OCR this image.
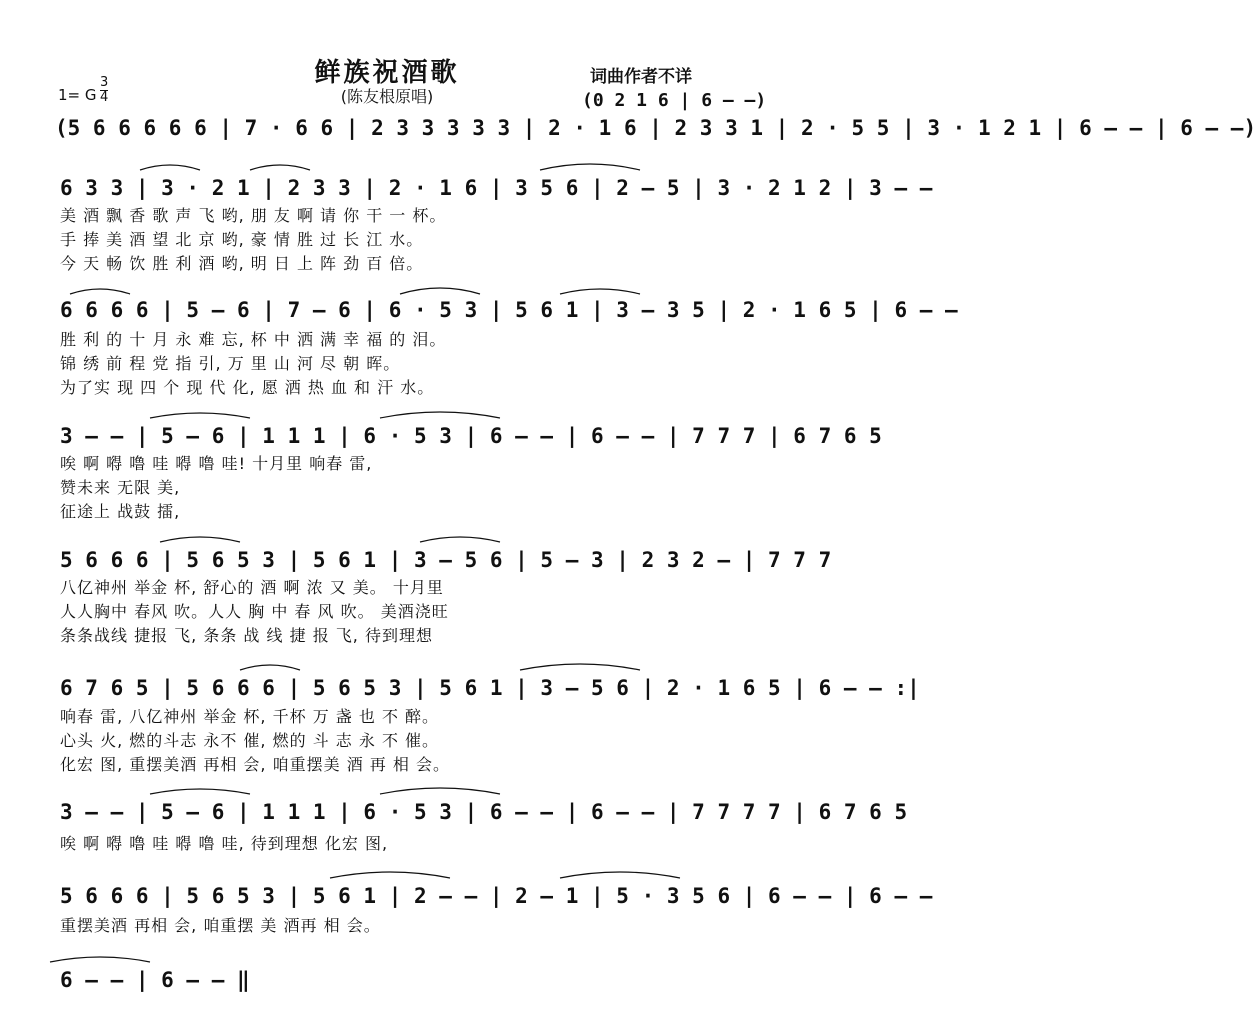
鲜族祝酒歌
(陈友根原唱)
词曲作者不详
1= G
3
4	(0 2 1 6 | 6 — —)
(5 6 6 6 6 6 | 7 · 6 6 | 2 3 3 3 3 3 | 2 · 1 6 | 2 3 3 1 | 2 · 5 5 | 3 · 1 2 1 | 6 — — | 6 — —)
6 3 3 | 3 · 2 1 | 2 3 3 | 2 · 1 6 | 3 5 6 | 2 — 5 | 3 · 2 1 2 | 3 — —
美 酒 飘 香 歌 声 飞 哟, 朋 友 啊 请 你 干 一 杯。
手 捧 美 酒 望 北 京 哟, 豪 情 胜 过 长 江 水。
今 天 畅 饮 胜 利 酒 哟, 明 日 上 阵 劲 百 倍。
6 6 6 6 | 5 — 6 | 7 — 6 | 6 · 5 3 | 5 6 1 | 3 — 3 5 | 2 · 1 6 5 | 6 — —
胜 利 的 十 月 永 难 忘, 杯 中 洒 满 幸 福 的 泪。
锦 绣 前 程 党 指 引, 万 里 山 河 尽 朝 晖。
为了实 现 四 个 现 代 化, 愿 洒 热 血 和 汗 水。
3 — — | 5 — 6 | 1 1 1 | 6 · 5 3 | 6 — — | 6 — — | 7 7 7 | 6 7 6 5
唉 啊 嘚 噜 哇 嘚 噜 哇! 十月里 响春 雷,
赞未来 无限 美,
征途上 战鼓 擂,
5 6 6 6 | 5 6 5 3 | 5 6 1 | 3 — 5 6 | 5 — 3 | 2 3 2 — | 7 7 7
八亿神州 举金 杯, 舒心的 酒 啊 浓 又 美。 十月里
人人胸中 春风 吹。人人 胸 中 春 风 吹。 美酒浇旺
条条战线 捷报 飞, 条条 战 线 捷 报 飞, 待到理想
6 7 6 5 | 5 6 6 6 | 5 6 5 3 | 5 6 1 | 3 — 5 6 | 2 · 1 6 5 | 6 — — :|
响春 雷, 八亿神州 举金 杯, 千杯 万 盏 也 不 醉。
心头 火, 燃的斗志 永不 催, 燃的 斗 志 永 不 催。
化宏 图, 重摆美酒 再相 会, 咱重摆美 酒 再 相 会。
3 — — | 5 — 6 | 1 1 1 | 6 · 5 3 | 6 — — | 6 — — | 7 7 7 7 | 6 7 6 5
唉 啊 嘚 噜 哇 嘚 噜 哇, 待到理想 化宏 图,
5 6 6 6 | 5 6 5 3 | 5 6 1 | 2 — — | 2 — 1 | 5 · 3 5 6 | 6 — — | 6 — —
重摆美酒 再相 会, 咱重摆 美 酒再 相 会。
6 — — | 6 — — ‖
